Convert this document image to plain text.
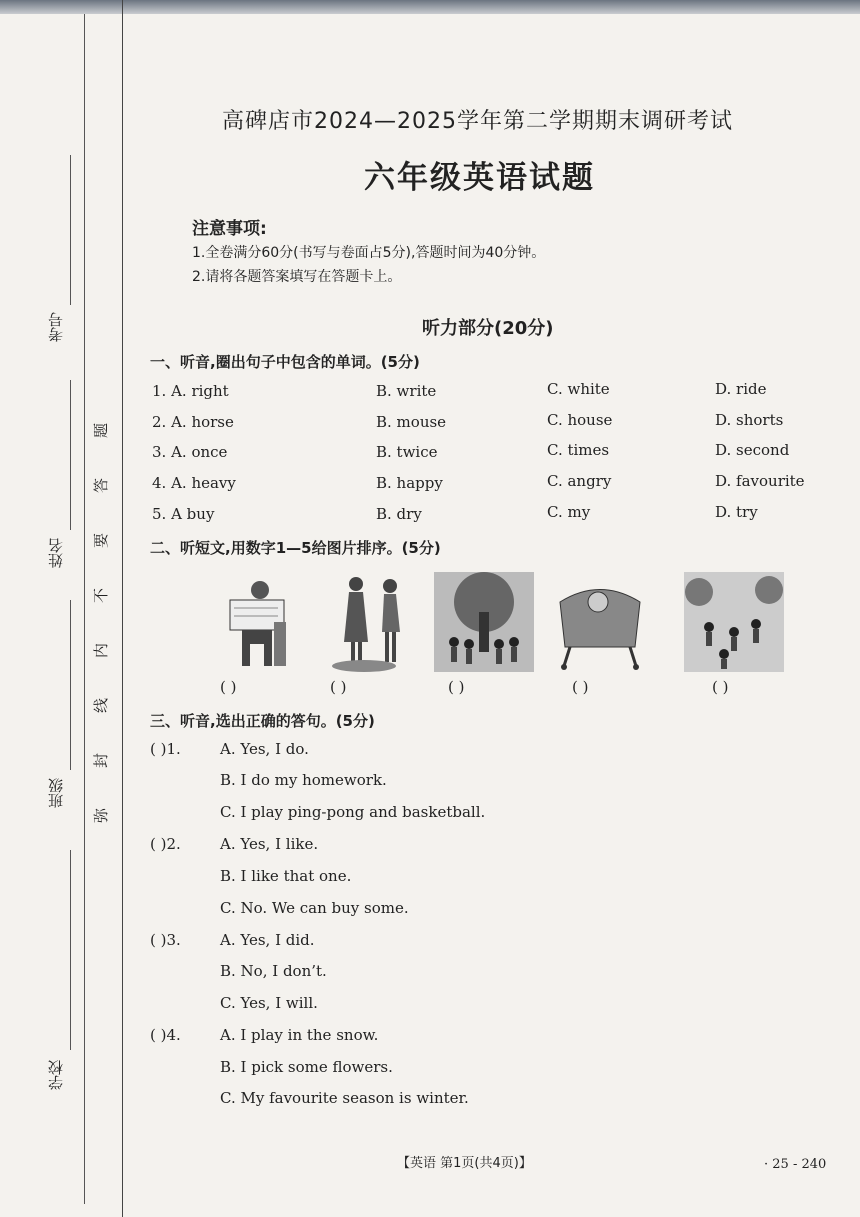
考号
姓名
班级
学校
题
答
要
不
内
线
封
弥
高碑店市2024—2025学年第二学期期末调研考试
六年级英语试题
注意事项:
1.全卷满分60分(书写与卷面占5分),答题时间为40分钟。
2.请将各题答案填写在答题卡上。
听力部分(20分)
一、听音,圈出句子中包含的单词。(5分)
1. A. right	B. write	C. white	D. ride
2. A. horse	B. mouse	C. house	D. shorts
3. A. once	B. twice	C. times	D. second
4. A. heavy	B. happy	C. angry	D. favourite
5. A buy	B. dry	C. my	D. try
二、听短文,用数字1—5给图片排序。(5分)
( )	( )	( )	( )	( )
三、听音,选出正确的答句。(5分)
( )1.	A. Yes, I do.
B. I do my homework.
C. I play ping-pong and basketball.
( )2.	A. Yes, I like.
B. I like that one.
C. No. We can buy some.
( )3.	A. Yes, I did.
B. No, I don’t.
C. Yes, I will.
( )4.	A. I play in the snow.
B. I pick some flowers.
C. My favourite season is winter.
【英语 第1页(共4页)】	· 25 - 240
